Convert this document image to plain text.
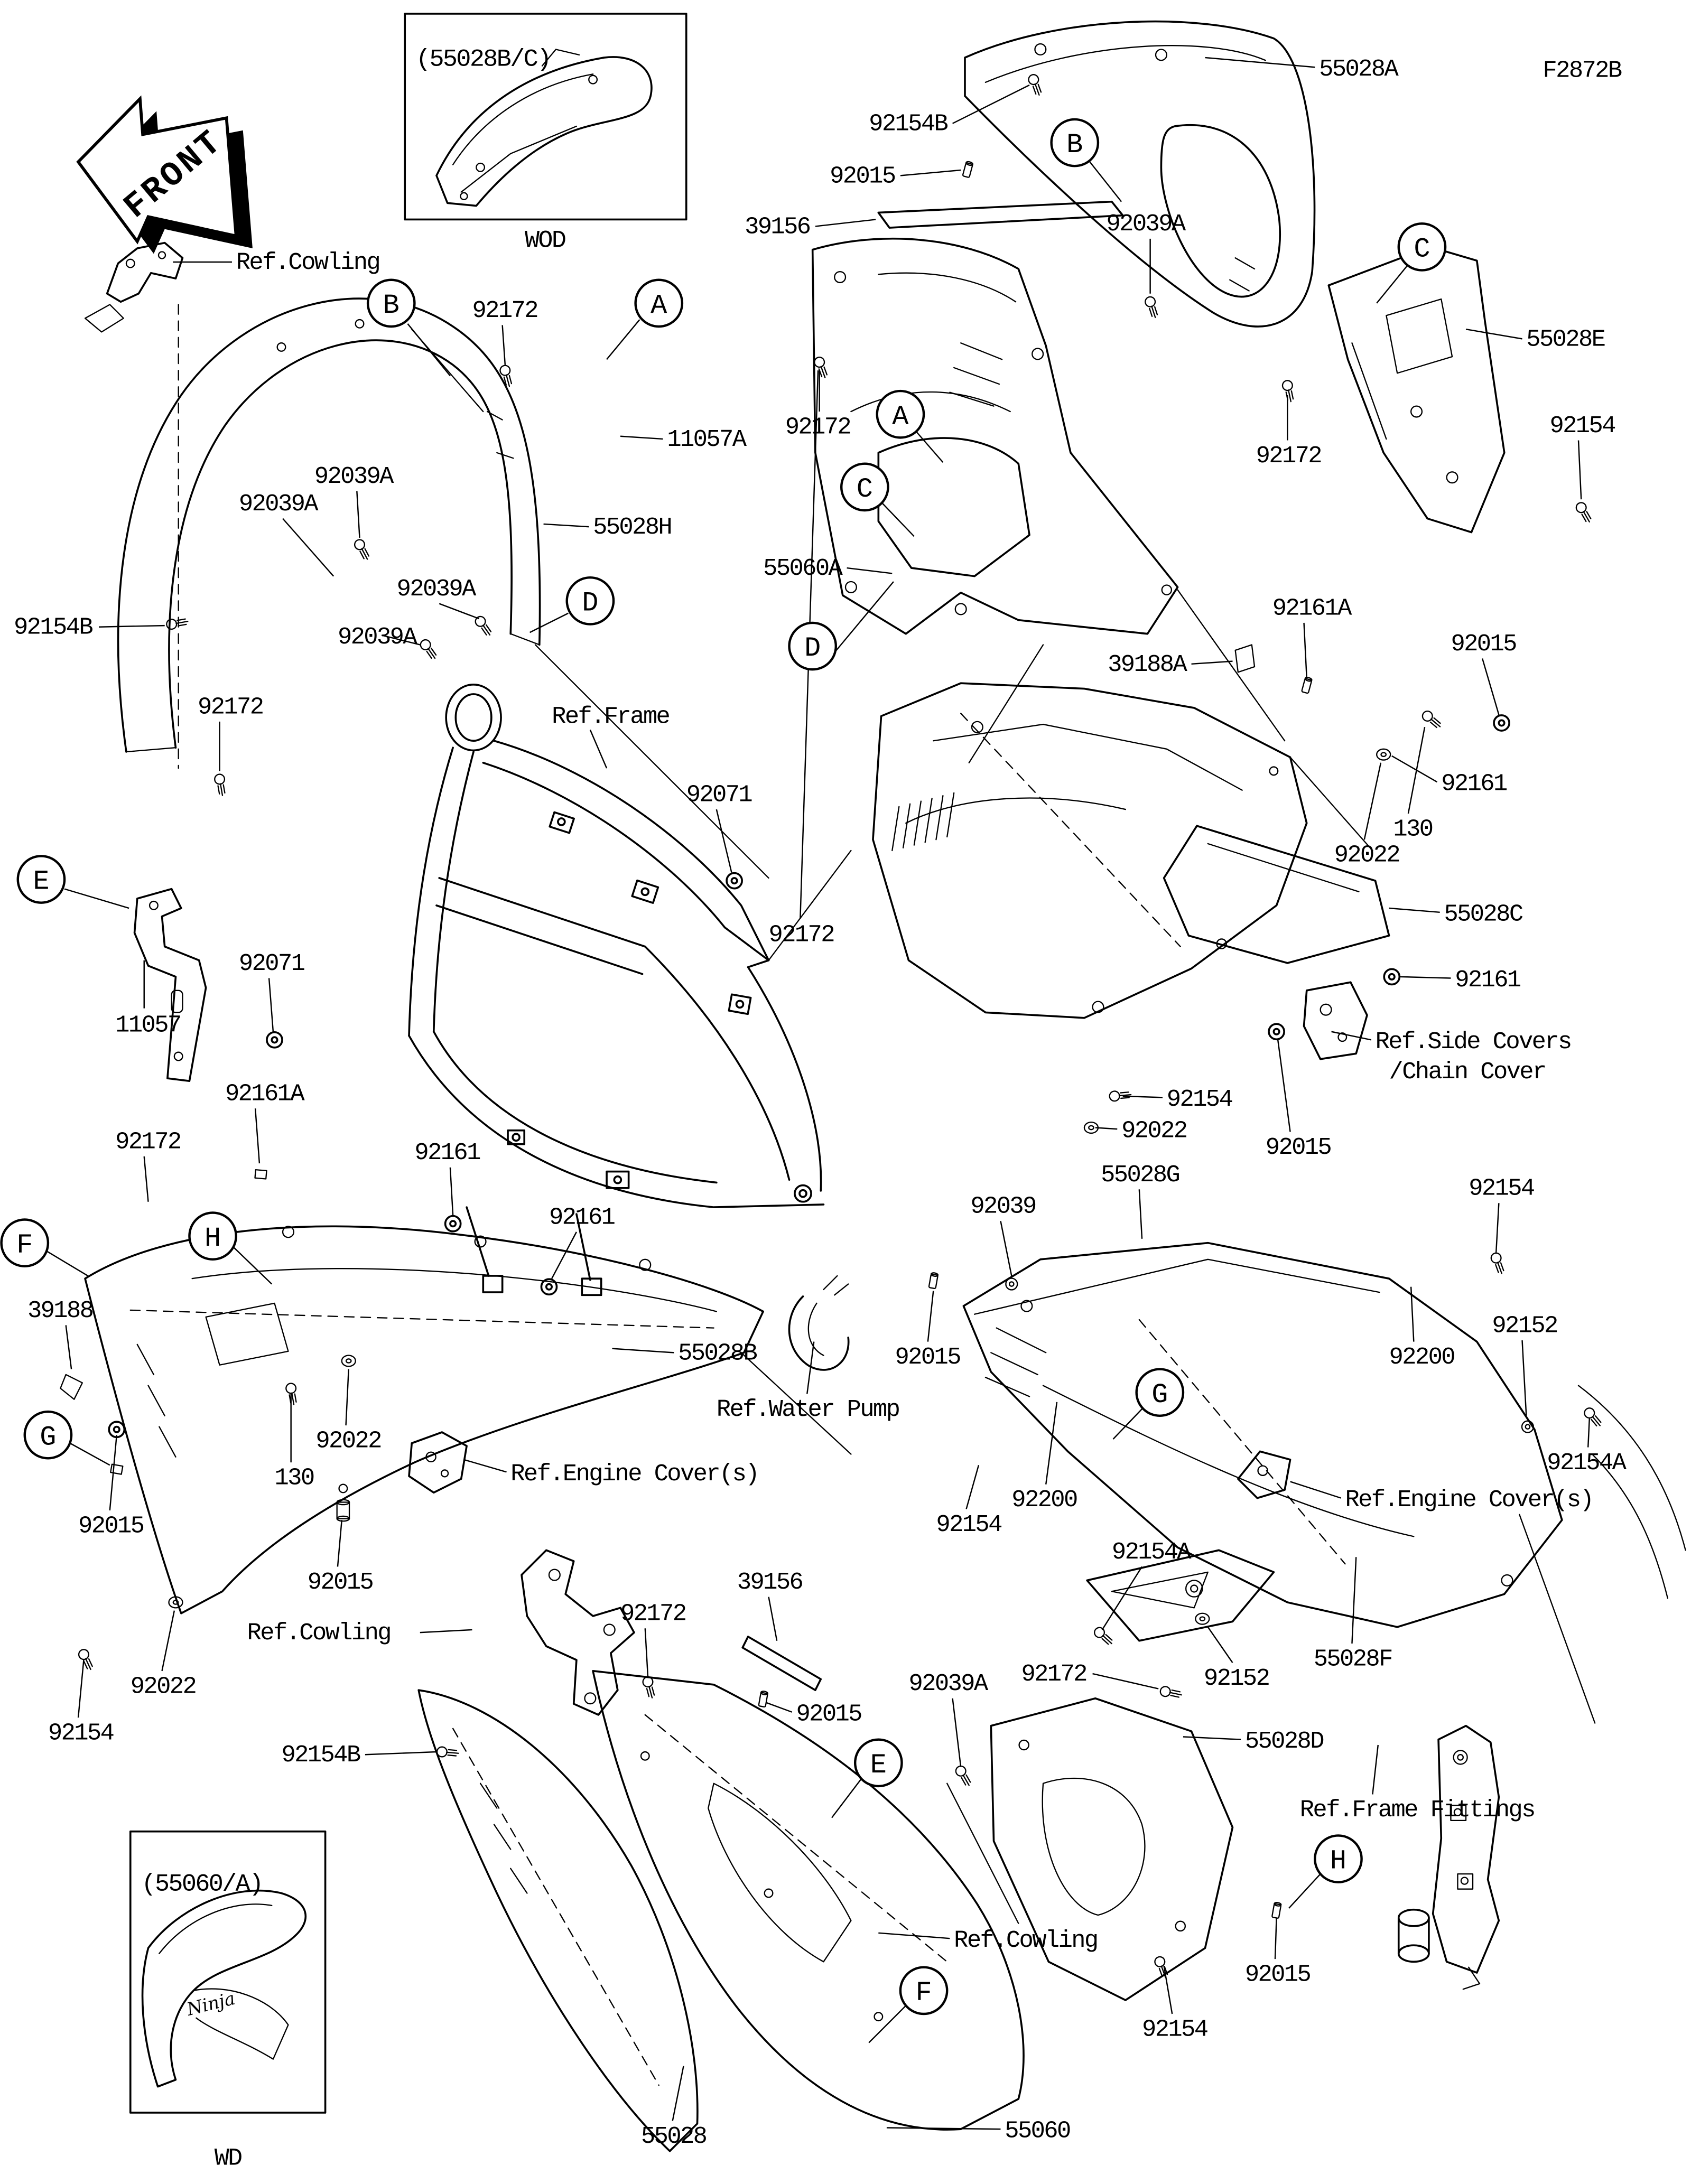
FRONT
Ninja
B	A
D
E
F	H
G
B
C
A
C
D
E
F
G
H
(55028B/C)
WOD
(55060/A)
WD
F2872B
55028A
92154B
92015
39156	92039A
55028E
92154
92172
92172
55060A
92039A
92039A
55028H
92039A
92039A
11057A
Ref.Cowling
92172
92154B
92172	Ref.Frame
11057
92071
92161A
92172
39188
92161
92161
92071
92172
92015
130
92022
Ref.Engine Cover(s)
55028B
92015
Ref.Cowling
92022
92154
92154B
92172
39156
92015
55028	55060
Ref.Cowling
92039A	92172
55028D
92152
92154A
55028F
Ref.Frame Fittings
92015
92154
92200
92154
Ref.Engine Cover(s)
92154A
92152
92200
92154
55028G
92039
92015
Ref.Water Pump
92154
92022
92015
39188A
92161A
92015
92161
130
92022
55028C
92161
Ref.Side Covers
/Chain Cover
